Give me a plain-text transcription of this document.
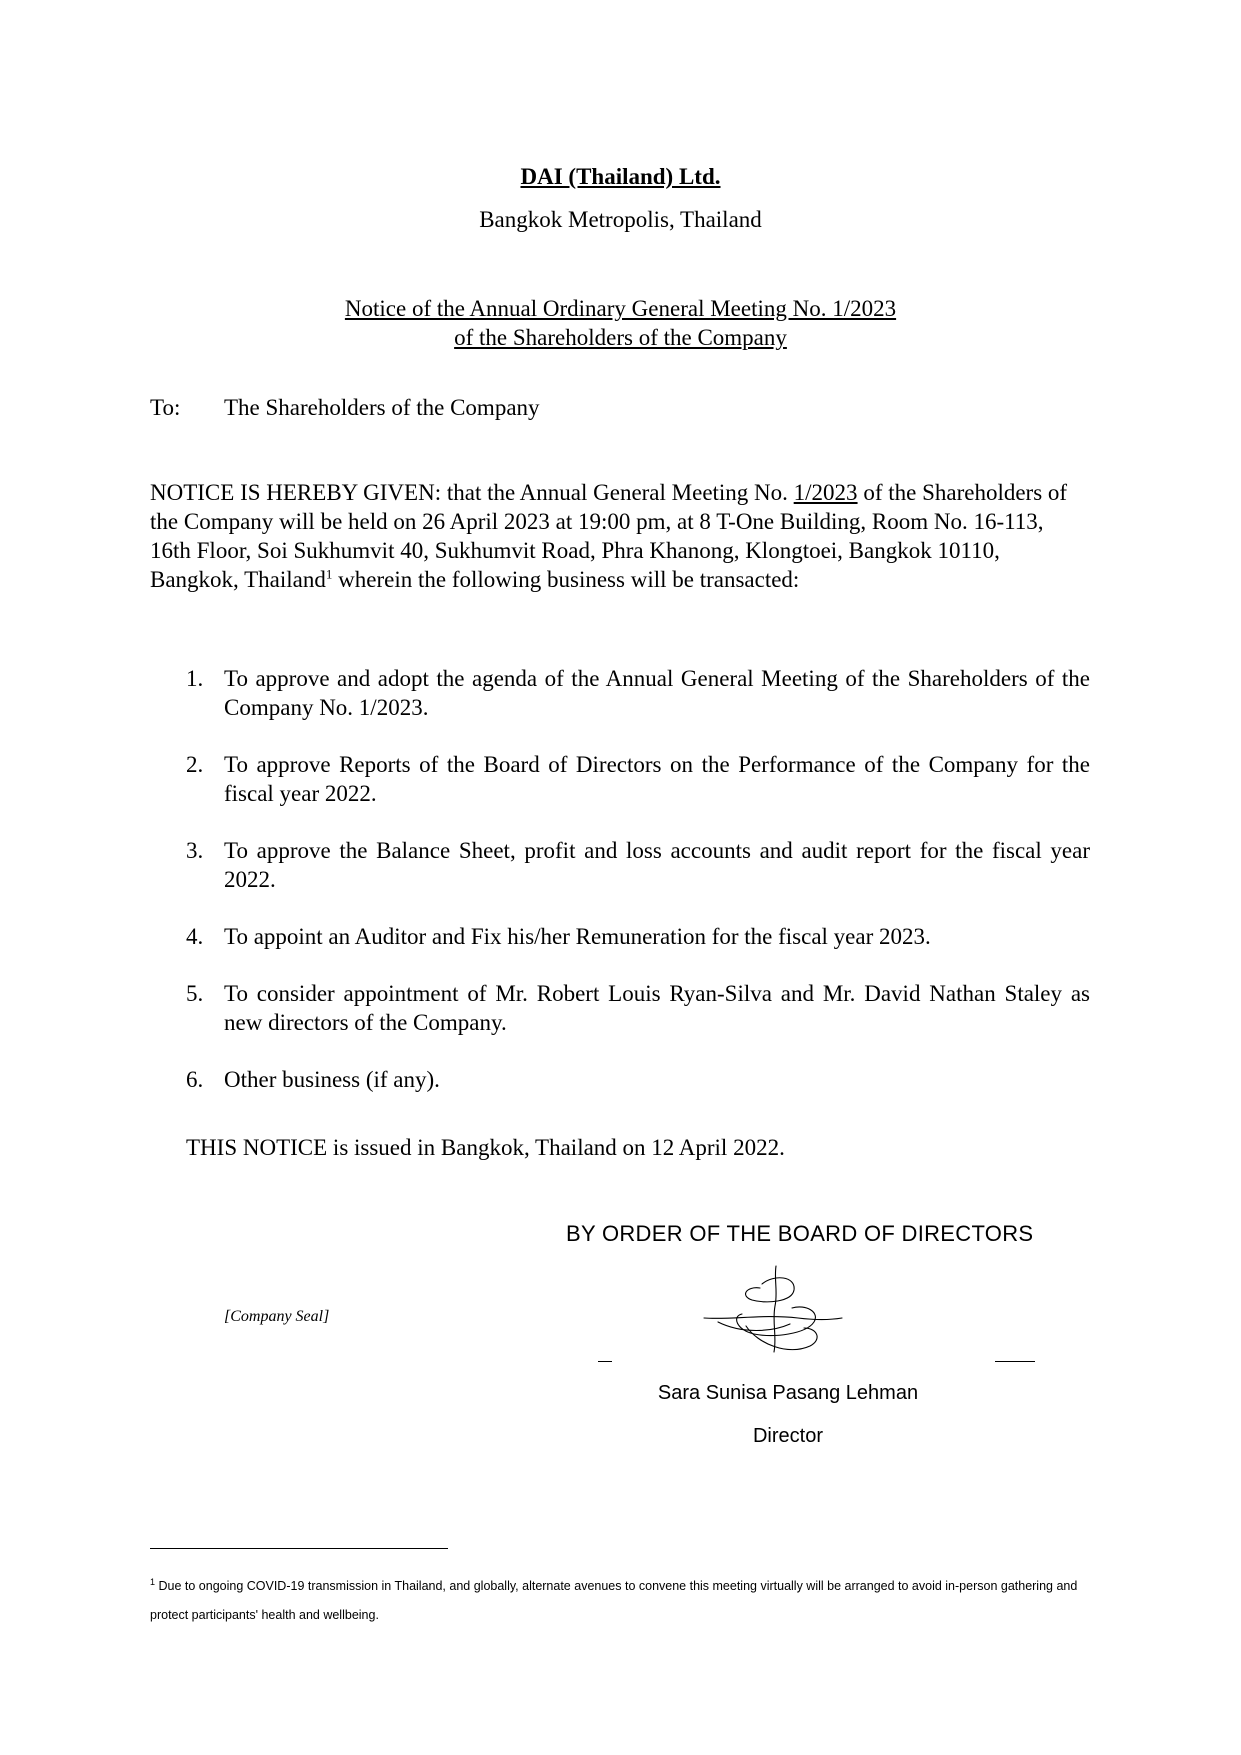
DAI (Thailand) Ltd.
Bangkok Metropolis, Thailand
Notice of the Annual Ordinary General Meeting No. 1/2023
of the Shareholders of the Company
To: The Shareholders of the Company
NOTICE IS HEREBY GIVEN: that the Annual General Meeting No. 1/2023 of the Shareholders of the Company will be held on 26 April 2023 at 19:00 pm, at 8 T-One Building, Room No. 16-113, 16th Floor, Soi Sukhumvit 40, Sukhumvit Road, Phra Khanong, Klongtoei, Bangkok 10110, Bangkok, Thailand$^1$ wherein the following business will be transacted:
1. To approve and adopt the agenda of the Annual General Meeting of the Shareholders of the Company No. 1/2023.
2. To approve Reports of the Board of Directors on the Performance of the Company for the fiscal year 2022.
3. To approve the Balance Sheet, profit and loss accounts and audit report for the fiscal year 2022.
4. To appoint an Auditor and Fix his/her Remuneration for the fiscal year 2023.
5. To consider appointment of Mr. Robert Louis Ryan-Silva and Mr. David Nathan Staley as new directors of the Company.
6. Other business (if any).
THIS NOTICE is issued in Bangkok, Thailand on 12 April 2022.
BY ORDER OF THE BOARD OF DIRECTORS
[Company Seal]
Sara Sunisa Pasang Lehman
Director
$^1$ Due to ongoing COVID-19 transmission in Thailand, and globally, alternate avenues to convene this meeting virtually will be arranged to avoid in-person gathering and protect participants' health and wellbeing.
